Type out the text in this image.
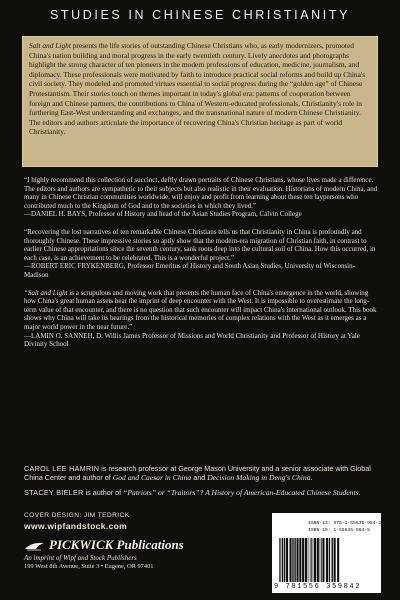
STUDIES IN CHINESE CHRISTIANITY

Salt and Light presents the life stories of outstanding Chinese Christians who, as early modernizers, promoted China's nation building and moral progress in the early twentieth century. Lively anecdotes and photographs highlight the strong character of ten pioneers in the modern professions of education, medicine, journalism, and diplomacy. These professionals were motivated by faith to introduce practical social reforms and build up China's civil society. They modeled and promoted virtues essential to social progress during the “golden age” of Chinese Protestantism. Their stories touch on themes important in today's global era: patterns of cooperation between foreign and Chinese partners, the contributions to China of Western-educated professionals, Christianity's role in furthering East-West understanding and exchanges, and the transnational nature of modern Chinese Christianity. The editors and authors articulate the importance of recovering China's Christian heritage as part of world Christianity.

“I highly recommend this collection of succinct, deftly drawn portraits of Chinese Christians, whose lives made a difference. The editors and authors are sympathetic to their subjects but also realistic in their evaluation. Historians of modern China, and many in Chinese Christian communities worldwide, will enjoy and profit from learning about these ten laypersons who contributed much to the Kingdom of God and to the societies in which they lived.”
—DANIEL H. BAYS, Professor of History and head of the Asian Studies Program, Calvin College
“Recovering the lost narratives of ten remarkable Chinese Christians tells us that Christianity in China is profoundly and thoroughly Chinese. These impressive stories so aptly show that the modern-era migration of Christian faith, in contrast to earlier Chinese appropriations since the seventh century, sank roots deep into the cultural soil of China. How this occurred, in each case, is an achievement to be celebrated. This is a wonderful project.”
—ROBERT ERIC FRYKENBERG, Professor Emeritus of History and South Asian Studies, University of Wisconsin-Madison
“Salt and Light is a scrupulous and moving work that presents the human face of China's emergence in the world, showing how China's great human assets bear the imprint of deep encounter with the West. It is impossible to overestimate the long-term value of that encounter, and there is no question that such encounter will impact China's international outlook. This book shows why China will take its bearings from the historical memories of complex relations with the West as it emerges as a major world power in the near future.”
—LAMIN O. SANNEH, D. Willis James Professor of Missions and World Christianity and Professor of History at Yale Divinity School
CAROL LEE HAMRIN is research professor at George Mason University and a senior associate with Global China Center and author of God and Caesar in China and Decision Making in Deng's China.
STACEY BIELER is author of “Patriots” or “Traitors”? A History of American-Educated Chinese Students.
COVER DESIGN: JIM TEDRICK
www.wipfandstock.com
PICKWICK Publications
An imprint of Wipf and Stock Publishers
199 West 8th Avenue, Suite 3 • Eugene, OR 97401
ISBN-13: 978-1-55635-984-2
ISBN-10: 1-55635-984-5
9 781556 359842
